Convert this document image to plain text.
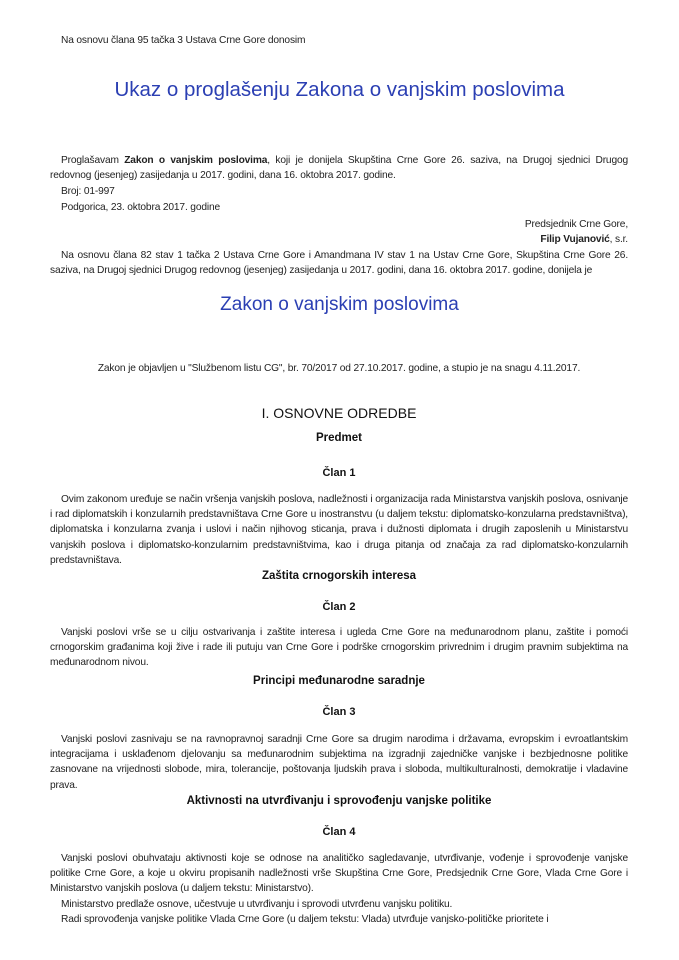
Na osnovu člana 95 tačka 3 Ustava Crne Gore donosim

Ukaz o proglašenju Zakona o vanjskim poslovima

Proglašavam Zakon o vanjskim poslovima, koji je donijela Skupština Crne Gore 26. saziva, na Drugoj sjednici Drugog redovnog (jesenjeg) zasijedanja u 2017. godini, dana 16. oktobra 2017. godine.

Broj: 01-997

Podgorica, 23. oktobra 2017. godine

Predsjednik Crne Gore,

Filip Vujanović, s.r.

Na osnovu člana 82 stav 1 tačka 2 Ustava Crne Gore i Amandmana IV stav 1 na Ustav Crne Gore, Skupština Crne Gore 26. saziva, na Drugoj sjednici Drugog redovnog (jesenjeg) zasijedanja u 2017. godini, dana 16. oktobra 2017. godine, donijela je

Zakon o vanjskim poslovima

Zakon je objavljen u "Službenom listu CG", br. 70/2017 od 27.10.2017. godine, a stupio je na snagu 4.11.2017.

I. OSNOVNE ODREDBE
Predmet
Član 1

Ovim zakonom uređuje se način vršenja vanjskih poslova, nadležnosti i organizacija rada Ministarstva vanjskih poslova, osnivanje i rad diplomatskih i konzularnih predstavništava Crne Gore u inostranstvu (u daljem tekstu: diplomatsko-konzularna predstavništva), diplomatska i konzularna zvanja i uslovi i način njihovog sticanja, prava i dužnosti diplomata i drugih zaposlenih u Ministarstvu vanjskih poslova i diplomatsko-konzularnim predstavništvima, kao i druga pitanja od značaja za rad diplomatsko-konzularnih predstavništava.

Zaštita crnogorskih interesa
Član 2

Vanjski poslovi vrše se u cilju ostvarivanja i zaštite interesa i ugleda Crne Gore na međunarodnom planu, zaštite i pomoći crnogorskim građanima koji žive i rade ili putuju van Crne Gore i podrške crnogorskim privrednim i drugim pravnim subjektima na međunarodnom nivou.

Principi međunarodne saradnje
Član 3

Vanjski poslovi zasnivaju se na ravnopravnoj saradnji Crne Gore sa drugim narodima i državama, evropskim i evroatlantskim integracijama i usklađenom djelovanju sa međunarodnim subjektima na izgradnji zajedničke vanjske i bezbjednosne politike zasnovane na vrijednosti slobode, mira, tolerancije, poštovanja ljudskih prava i sloboda, multikulturalnosti, demokratije i vladavine prava.

Aktivnosti na utvrđivanju i sprovođenju vanjske politike
Član 4

Vanjski poslovi obuhvataju aktivnosti koje se odnose na analitičko sagledavanje, utvrđivanje, vođenje i sprovođenje vanjske politike Crne Gore, a koje u okviru propisanih nadležnosti vrše Skupština Crne Gore, Predsjednik Crne Gore, Vlada Crne Gore i Ministarstvo vanjskih poslova (u daljem tekstu: Ministarstvo).

Ministarstvo predlaže osnove, učestvuje u utvrđivanju i sprovodi utvrđenu vanjsku politiku.

Radi sprovođenja vanjske politike Vlada Crne Gore (u daljem tekstu: Vlada) utvrđuje vanjsko-političke prioritete i
